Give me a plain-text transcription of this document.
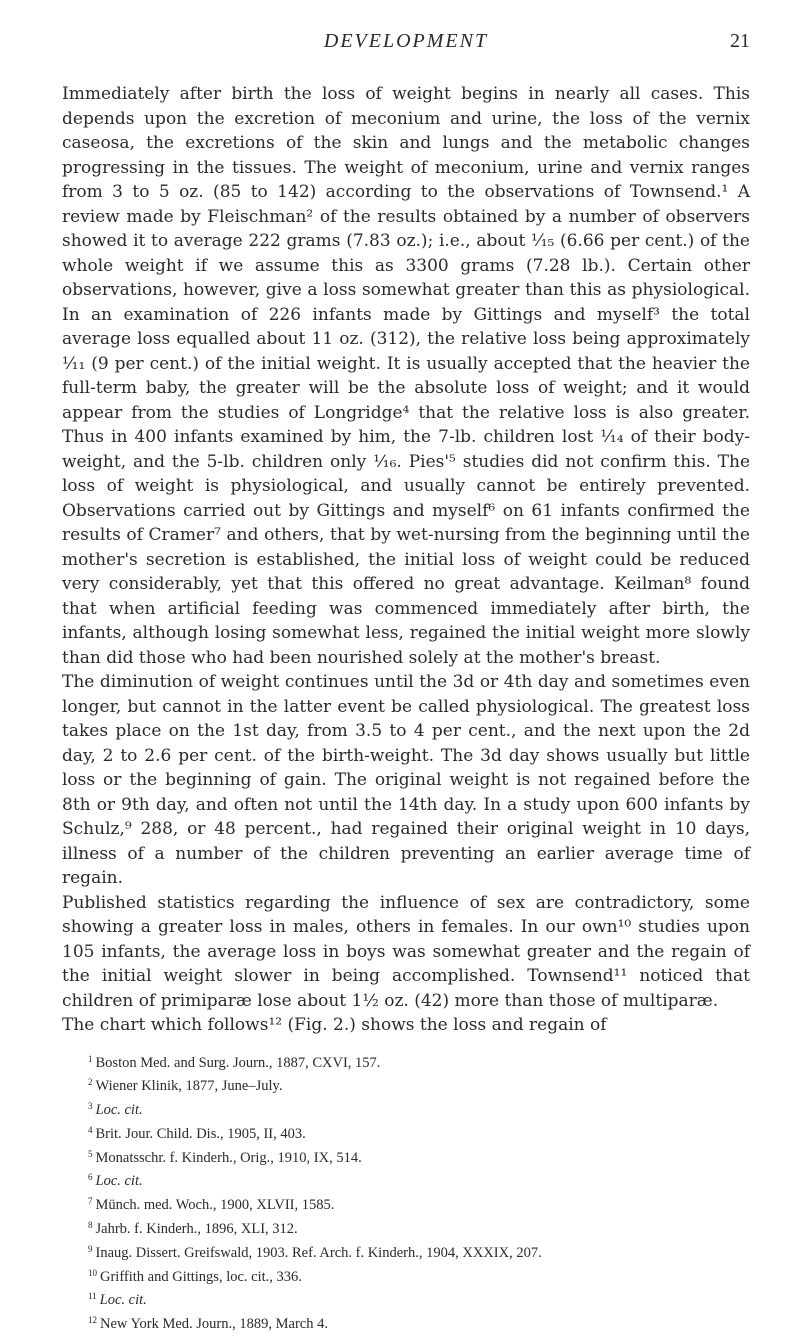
DEVELOPMENT	21

Immediately after birth the loss of weight begins in nearly all cases. This depends upon the excretion of meconium and urine, the loss of the vernix caseosa, the excretions of the skin and lungs and the metabolic changes progressing in the tissues. The weight of meconium, urine and vernix ranges from 3 to 5 oz. (85 to 142) according to the observations of Townsend.¹ A review made by Fleischman² of the results obtained by a number of observers showed it to average 222 grams (7.83 oz.); i.e., about ¹⁄₁₅ (6.66 per cent.) of the whole weight if we assume this as 3300 grams (7.28 lb.). Certain other observations, however, give a loss somewhat greater than this as physiological. In an examination of 226 infants made by Gittings and myself³ the total average loss equalled about 11 oz. (312), the relative loss being approximately ¹⁄₁₁ (9 per cent.) of the initial weight. It is usually accepted that the heavier the full-term baby, the greater will be the absolute loss of weight; and it would appear from the studies of Longridge⁴ that the relative loss is also greater. Thus in 400 infants examined by him, the 7-lb. children lost ¹⁄₁₄ of their body-weight, and the 5-lb. children only ¹⁄₁₆. Pies'⁵ studies did not confirm this. The loss of weight is physiological, and usually cannot be entirely prevented. Observations carried out by Gittings and myself⁶ on 61 infants confirmed the results of Cramer⁷ and others, that by wet-nursing from the beginning until the mother's secretion is established, the initial loss of weight could be reduced very considerably, yet that this offered no great advantage. Keilman⁸ found that when artificial feeding was commenced immediately after birth, the infants, although losing somewhat less, regained the initial weight more slowly than did those who had been nourished solely at the mother's breast.

The diminution of weight continues until the 3d or 4th day and sometimes even longer, but cannot in the latter event be called physiological. The greatest loss takes place on the 1st day, from 3.5 to 4 per cent., and the next upon the 2d day, 2 to 2.6 per cent. of the birth-weight. The 3d day shows usually but little loss or the beginning of gain. The original weight is not regained before the 8th or 9th day, and often not until the 14th day. In a study upon 600 infants by Schulz,⁹ 288, or 48 percent., had regained their original weight in 10 days, illness of a number of the children preventing an earlier average time of regain.

Published statistics regarding the influence of sex are contradictory, some showing a greater loss in males, others in females. In our own¹⁰ studies upon 105 infants, the average loss in boys was somewhat greater and the regain of the initial weight slower in being accomplished. Townsend¹¹ noticed that children of primiparæ lose about 1½ oz. (42) more than those of multiparæ.

The chart which follows¹² (Fig. 2.) shows the loss and regain of

$^1$ Boston Med. and Surg. Journ., 1887, CXVI, 157.
$^2$ Wiener Klinik, 1877, June–July.
$^3$ Loc. cit.
$^4$ Brit. Jour. Child. Dis., 1905, II, 403.
$^5$ Monatsschr. f. Kinderh., Orig., 1910, IX, 514.
$^6$ Loc. cit.
$^7$ Münch. med. Woch., 1900, XLVII, 1585.
$^8$ Jahrb. f. Kinderh., 1896, XLI, 312.
$^9$ Inaug. Dissert. Greifswald, 1903. Ref. Arch. f. Kinderh., 1904, XXXIX, 207.
$^{10}$ Griffith and Gittings, loc. cit., 336.
$^{11}$ Loc. cit.
$^{12}$ New York Med. Journ., 1889, March 4.
